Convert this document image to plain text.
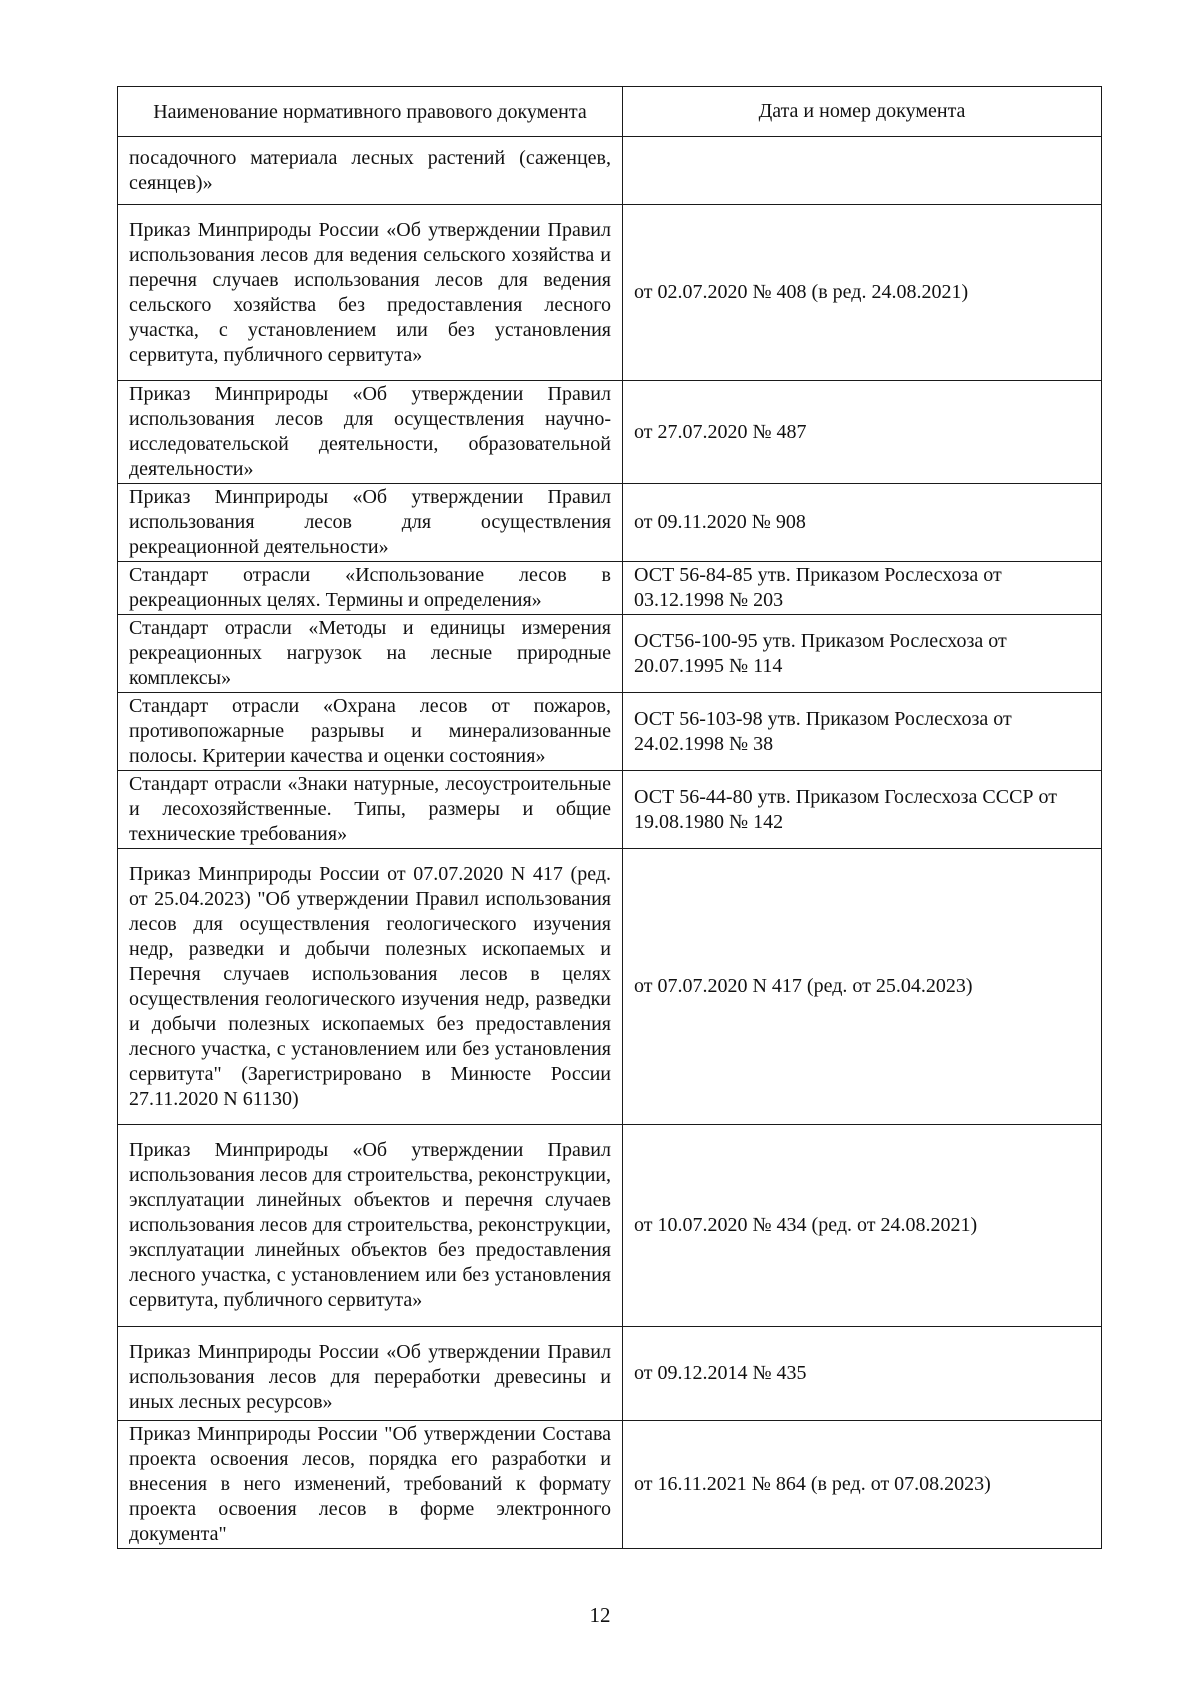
Наименование нормативного правового документа	Дата и номер документа
посадочного материала лесных растений (саженцев, сеянцев)»	
Приказ Минприроды России «Об утверждении Правил использования лесов для ведения сельского хозяйства и перечня случаев использования лесов для ведения сельского хозяйства без предоставления лесного участка, с установлением или без установления сервитута, публичного сервитута»	от 02.07.2020 № 408 (в ред. 24.08.2021)
Приказ Минприроды «Об утверждении Правил использования лесов для осуществления научно-исследовательской деятельности, образовательной деятельности»	от 27.07.2020 № 487
Приказ Минприроды «Об утверждении Правил использования лесов для осуществления рекреационной деятельности»	от 09.11.2020 № 908
Стандарт отрасли «Использование лесов в рекреационных целях. Термины и определения»	ОСТ 56-84-85 утв. Приказом Рослесхоза от 03.12.1998 № 203
Стандарт отрасли «Методы и единицы измерения рекреационных нагрузок на лесные природные комплексы»	ОСТ56-100-95 утв. Приказом Рослесхоза от 20.07.1995 № 114
Стандарт отрасли «Охрана лесов от пожаров, противопожарные разрывы и минерализованные полосы. Критерии качества и оценки состояния»	ОСТ 56-103-98 утв. Приказом Рослесхоза от 24.02.1998 № 38
Стандарт отрасли «Знаки натурные, лесоустроительные и лесохозяйственные. Типы, размеры и общие технические требования»	ОСТ 56-44-80 утв. Приказом Гослесхоза СССР от 19.08.1980 № 142
Приказ Минприроды России от 07.07.2020 N 417 (ред. от 25.04.2023) "Об утверждении Правил использования лесов для осуществления геологического изучения недр, разведки и добычи полезных ископаемых и Перечня случаев использования лесов в целях осуществления геологического изучения недр, разведки и добычи полезных ископаемых без предоставления лесного участка, с установлением или без установления сервитута" (Зарегистрировано в Минюсте России 27.11.2020 N 61130)	от 07.07.2020 N 417 (ред. от 25.04.2023)
Приказ Минприроды «Об утверждении Правил использования лесов для строительства, реконструкции, эксплуатации линейных объектов и перечня случаев использования лесов для строительства, реконструкции, эксплуатации линейных объектов без предоставления лесного участка, с установлением или без установления сервитута, публичного сервитута»	от 10.07.2020 № 434 (ред. от 24.08.2021)
Приказ Минприроды России «Об утверждении Правил использования лесов для переработки древесины и иных лесных ресурсов»	от 09.12.2014 № 435
Приказ Минприроды России "Об утверждении Состава проекта освоения лесов, порядка его разработки и внесения в него изменений, требований к формату проекта освоения лесов в форме электронного документа"	от 16.11.2021 № 864 (в ред. от 07.08.2023)
12
